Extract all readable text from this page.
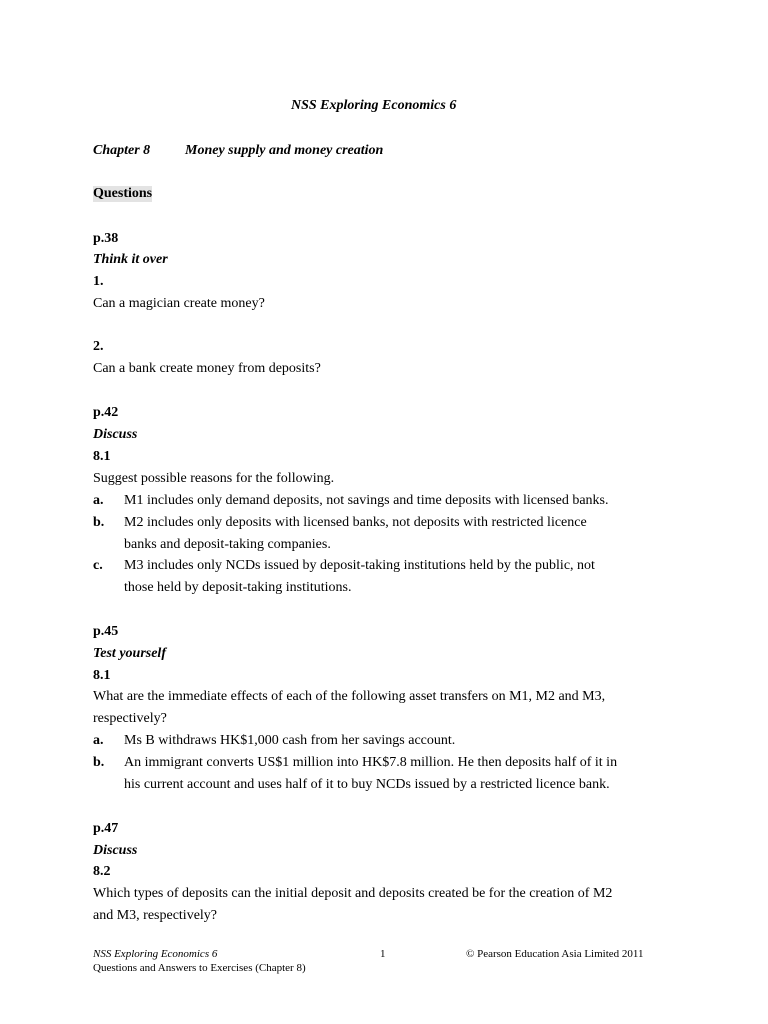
NSS Exploring Economics 6
Chapter 8 Money supply and money creation
Questions
p.38
Think it over
1.
Can a magician create money?
2.
Can a bank create money from deposits?
p.42
Discuss
8.1
Suggest possible reasons for the following.
a. M1 includes only demand deposits, not savings and time deposits with licensed banks.
b. M2 includes only deposits with licensed banks, not deposits with restricted licence
banks and deposit-taking companies.
c. M3 includes only NCDs issued by deposit-taking institutions held by the public, not
those held by deposit-taking institutions.
p.45
Test yourself
8.1
What are the immediate effects of each of the following asset transfers on M1, M2 and M3,
respectively?
a. Ms B withdraws HK$1,000 cash from her savings account.
b. An immigrant converts US$1 million into HK$7.8 million. He then deposits half of it in
his current account and uses half of it to buy NCDs issued by a restricted licence bank.
p.47
Discuss
8.2
Which types of deposits can the initial deposit and deposits created be for the creation of M2
and M3, respectively?
NSS Exploring Economics 6	1	© Pearson Education Asia Limited 2011
Questions and Answers to Exercises (Chapter 8)
